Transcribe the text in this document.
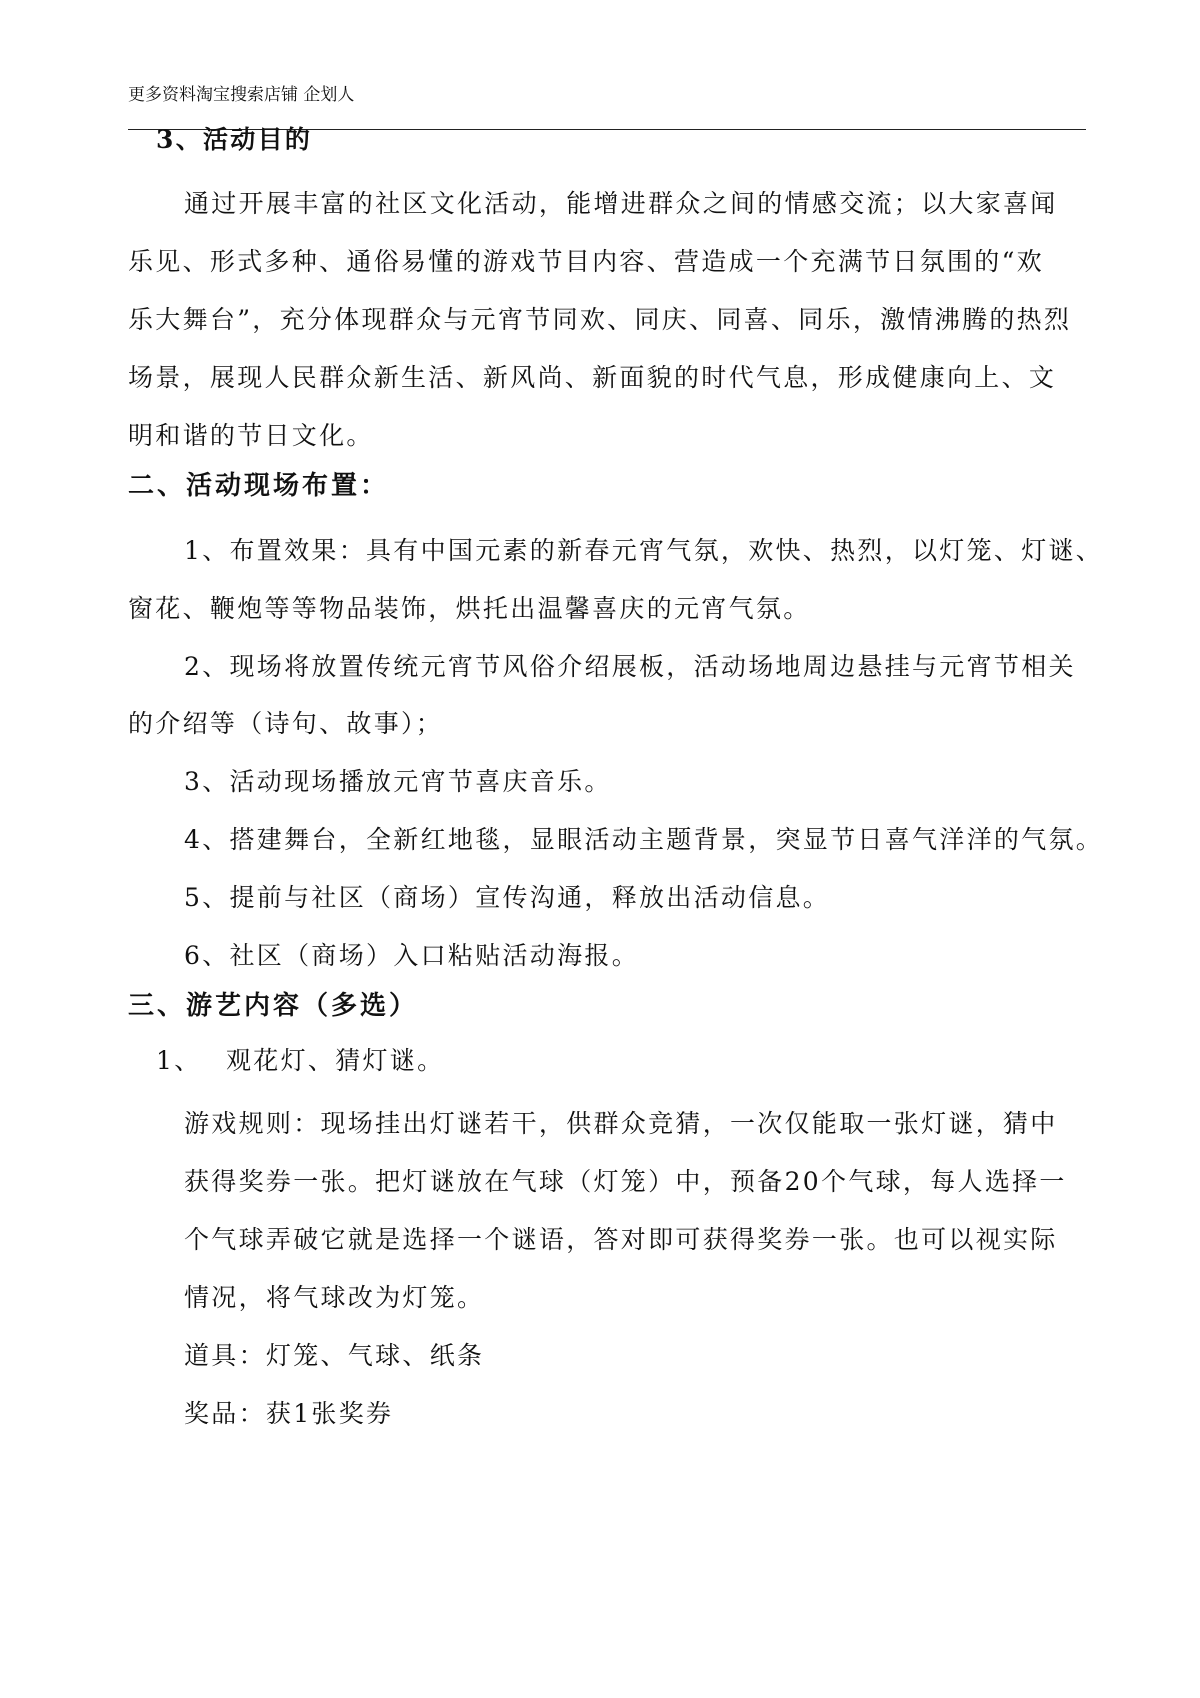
更多资料淘宝搜索店铺 企划人
3、活动目的
通过开展丰富的社区文化活动，能增进群众之间的情感交流；以大家喜闻
乐见、形式多种、通俗易懂的游戏节目内容、营造成一个充满节日氛围的“欢
乐大舞台”，充分体现群众与元宵节同欢、同庆、同喜、同乐，激情沸腾的热烈
场景，展现人民群众新生活、新风尚、新面貌的时代气息，形成健康向上、文
明和谐的节日文化。
二、活动现场布置：
1、布置效果：具有中国元素的新春元宵气氛，欢快、热烈，以灯笼、灯谜、
窗花、鞭炮等等物品装饰，烘托出温馨喜庆的元宵气氛。
2、现场将放置传统元宵节风俗介绍展板，活动场地周边悬挂与元宵节相关
的介绍等（诗句、故事）；
3、活动现场播放元宵节喜庆音乐。
4、搭建舞台，全新红地毯，显眼活动主题背景，突显节日喜气洋洋的气氛。
5、提前与社区（商场）宣传沟通，释放出活动信息。
6、社区（商场）入口粘贴活动海报。
三、游艺内容（多选）
1、 观花灯、猜灯谜。
游戏规则：现场挂出灯谜若干，供群众竞猜，一次仅能取一张灯谜，猜中
获得奖券一张。把灯谜放在气球（灯笼）中，预备20个气球，每人选择一
个气球弄破它就是选择一个谜语，答对即可获得奖券一张。也可以视实际
情况，将气球改为灯笼。
道具：灯笼、气球、纸条
奖品：获1张奖券
